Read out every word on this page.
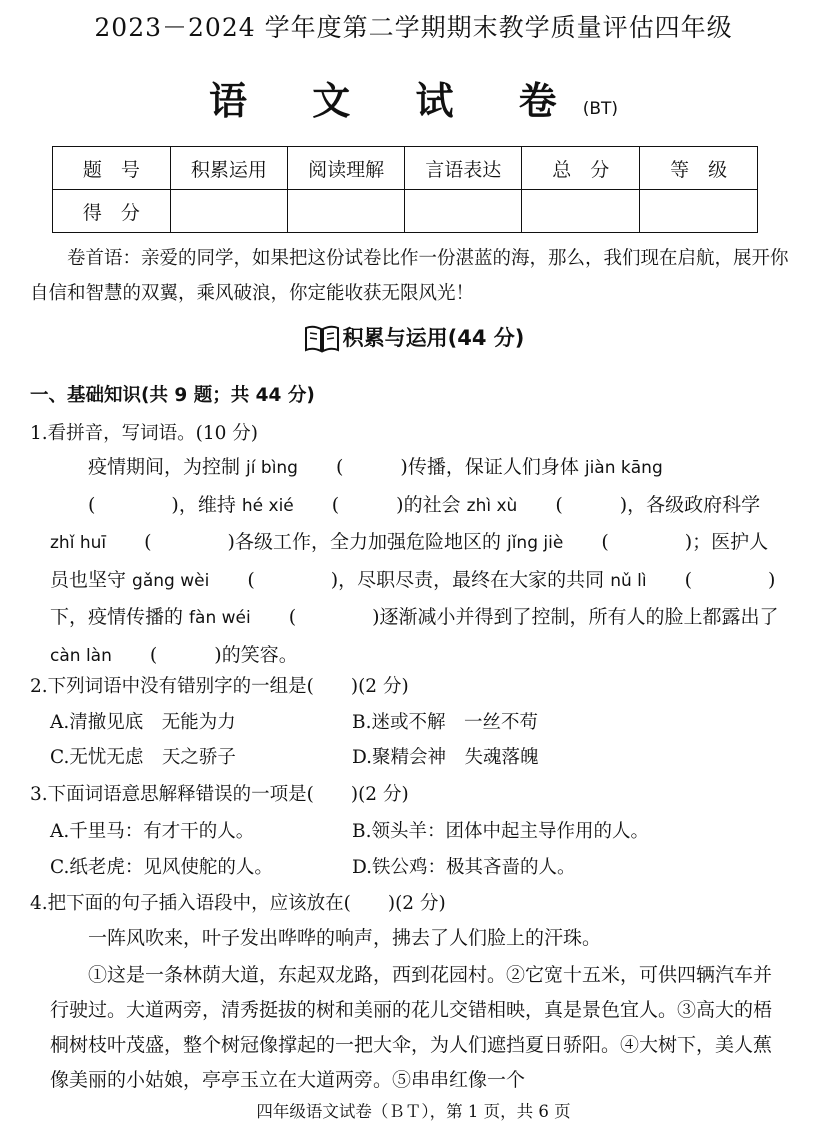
2023－2024 学年度第二学期期末教学质量评估四年级
语 文 试 卷(BT)
题　号	积累运用	阅读理解	言语表达	总　分	等　级
得　分					
卷首语：亲爱的同学，如果把这份试卷比作一份湛蓝的海，那么，我们现在启航，展开你自信和智慧的双翼，乘风破浪，你定能收获无限风光！
积累与运用(44 分)
一、基础知识(共 9 题；共 44 分)
1.看拼音，写词语。(10 分)
疫情期间，为控制 jí bìng (　　　)传播，保证人们身体 jiàn kāng(　　　　)，维持 hé xié (　　　)的社会 zhì xù (　　　)，各级政府科学 zhǐ huī (　　　　)各级工作，全力加强危险地区的 jǐng jiè (　　　　)；医护人员也坚守 gǎng wèi (　　　　)，尽职尽责，最终在大家的共同 nǔ lì (　　　　)下，疫情传播的 fàn wéi (　　　　)逐渐减小并得到了控制，所有人的脸上都露出了 càn làn (　　　)的笑容。
2.下列词语中没有错别字的一组是(　　)(2 分)
A.清撤见底　无能为力	B.迷或不解　一丝不苟
C.无忧无虑　天之骄子	D.聚精会神　失魂落魄
3.下面词语意思解释错误的一项是(　　)(2 分)
A.千里马：有才干的人。	B.领头羊：团体中起主导作用的人。
C.纸老虎：见风使舵的人。	D.铁公鸡：极其吝啬的人。
4.把下面的句子插入语段中，应该放在(　　)(2 分)
一阵风吹来，叶子发出哗哗的响声，拂去了人们脸上的汗珠。
①这是一条林荫大道，东起双龙路，西到花园村。②它宽十五米，可供四辆汽车并行驶过。大道两旁，清秀挺拔的树和美丽的花儿交错相映，真是景色宜人。③高大的梧桐树枝叶茂盛，整个树冠像撑起的一把大伞，为人们遮挡夏日骄阳。④大树下，美人蕉像美丽的小姑娘，亭亭玉立在大道两旁。⑤串串红像一个
四年级语文试卷（ＢＴ），第 1 页，共 6 页
